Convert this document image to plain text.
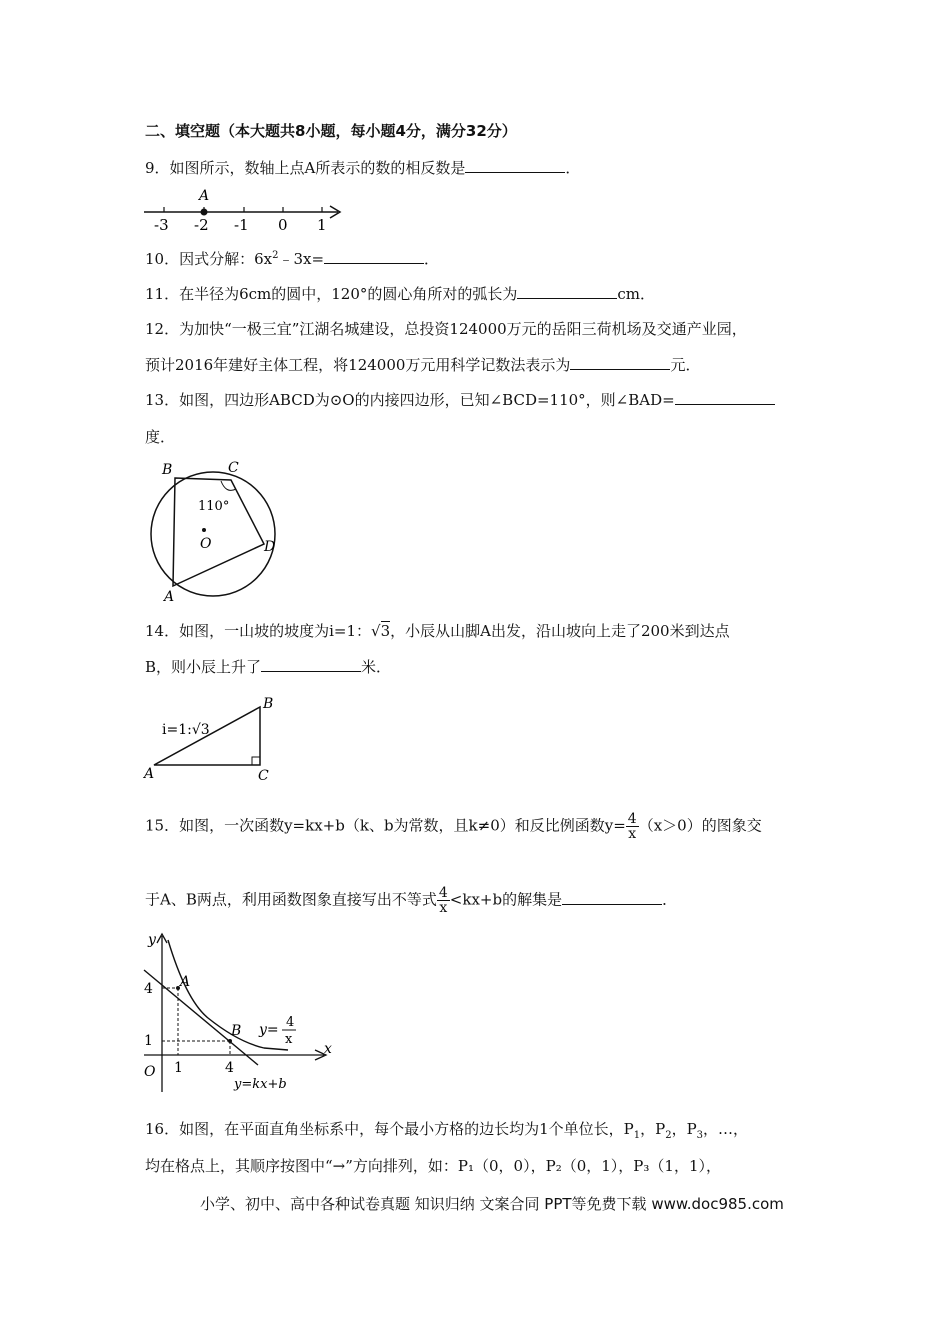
二、填空题（本大题共8小题，每小题4分，满分32分）
9．如图所示，数轴上点A所表示的数的相反数是	．
A
-3 -2 -1 0 1
10．因式分解：$6x^2﹣3x=$	．
11．在半径为6cm的圆中，120°的圆心角所对的弧长为	cm．
12．为加快“一极三宜”江湖名城建设，总投资124000万元的岳阳三荷机场及交通产业园，
预计2016年建好主体工程，将124000万元用科学记数法表示为	元．
13．如图，四边形ABCD为⊙O的内接四边形，已知∠BCD=110°，则∠BAD=
度．
B	C
D
A
O
110°
14．如图，一山坡的坡度为i=1：√3，小辰从山脚A出发，沿山坡向上走了200米到达点
B，则小辰上升了	米．
i=1:√3
A
B
C
15．如图，一次函数y=kx+b（k、b为常数，且k≠0）和反比例函数$y= \frac{4}{x} (x>0)$的图象交
于A、B两点，利用函数图象直接写出不等式 $\frac{4}{x} <kx+b$的解集是	．
y
x
O
A
B
4
1
1	4
y= 4
x
y=kx+b
16．如图，在平面直角坐标系中，每个最小方格的边长均为1个单位长，$P_1$，$P_2$，$P_3$，…，
均在格点上，其顺序按图中“→”方向排列，如：P₁（0，0），P₂（0，1），P₃（1，1），
小学、初中、高中各种试卷真题 知识归纳 文案合同 PPT等免费下载 www.doc985.com
